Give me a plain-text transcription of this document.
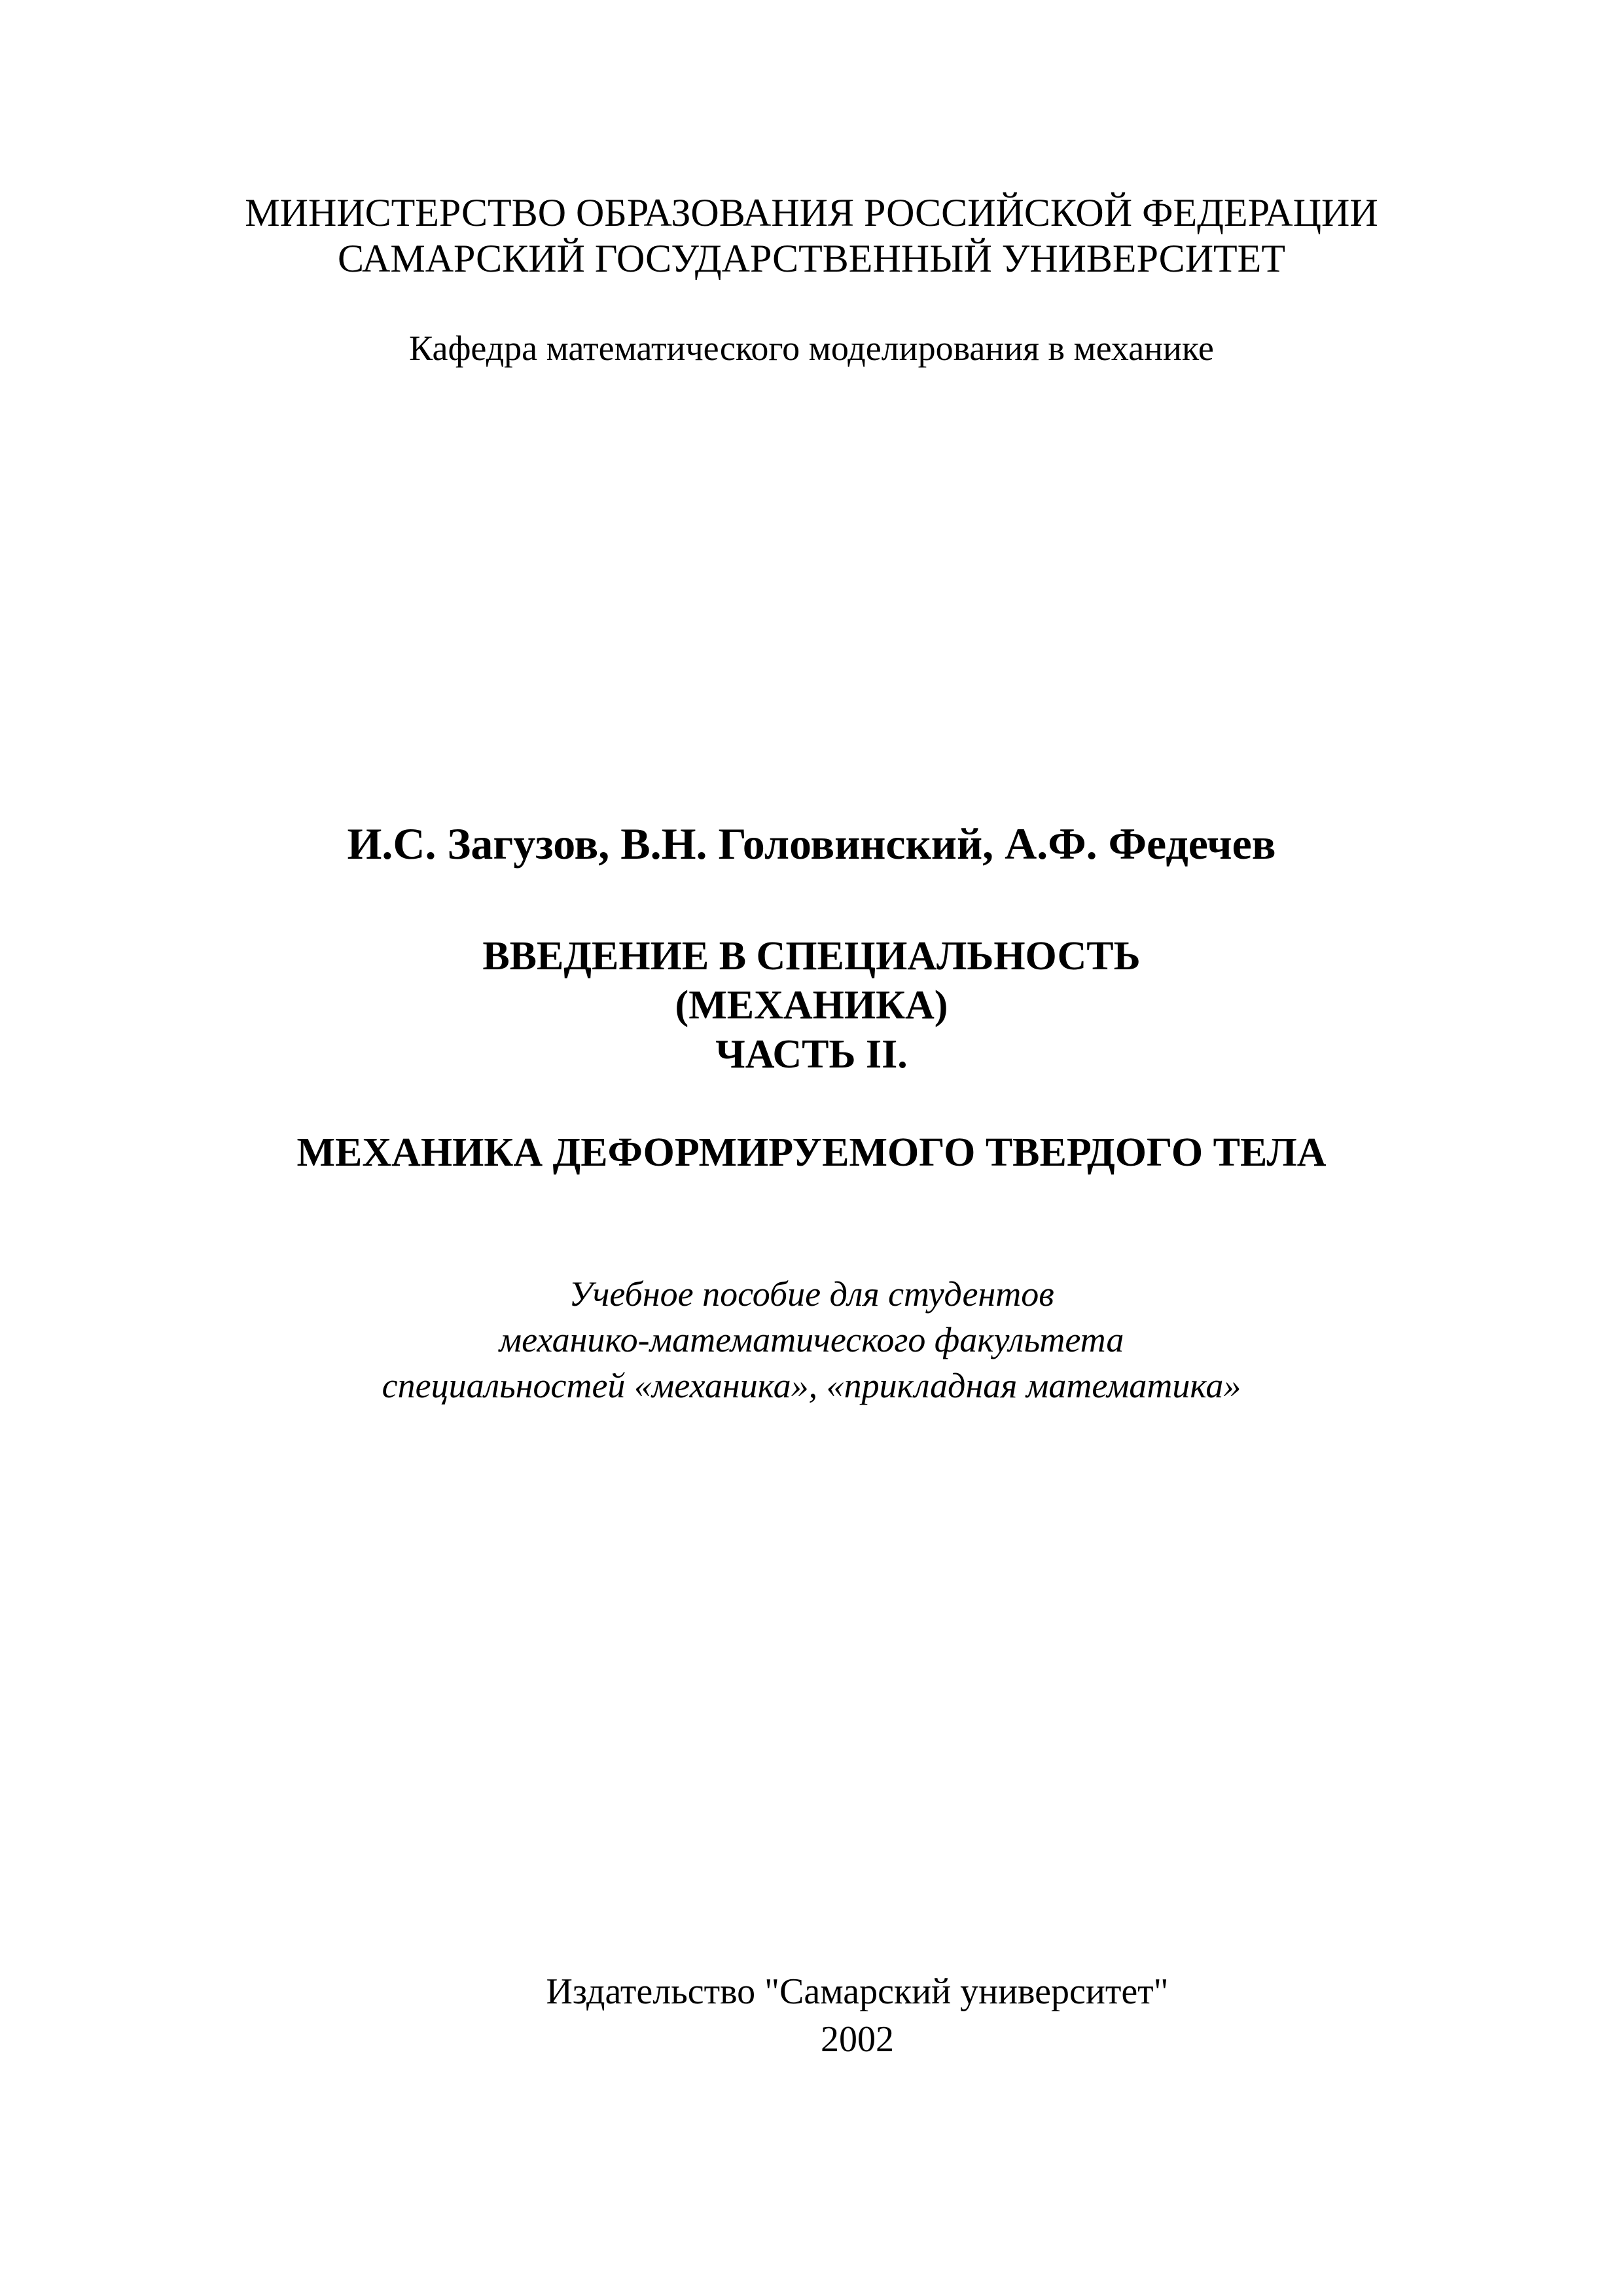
МИНИСТЕРСТВО ОБРАЗОВАНИЯ РОССИЙСКОЙ ФЕДЕРАЦИИ
САМАРСКИЙ ГОСУДАРСТВЕННЫЙ УНИВЕРСИТЕТ
Кафедра математического моделирования в механике
И.С. Загузов, В.Н. Головинский, А.Ф. Федечев
ВВЕДЕНИЕ В СПЕЦИАЛЬНОСТЬ
(МЕХАНИКА)
ЧАСТЬ II.
МЕХАНИКА ДЕФОРМИРУЕМОГО ТВЕРДОГО ТЕЛА
Учебное пособие для студентов
механико-математического факультета
специальностей «механика», «прикладная математика»
Издательство "Самарский университет"
2002
